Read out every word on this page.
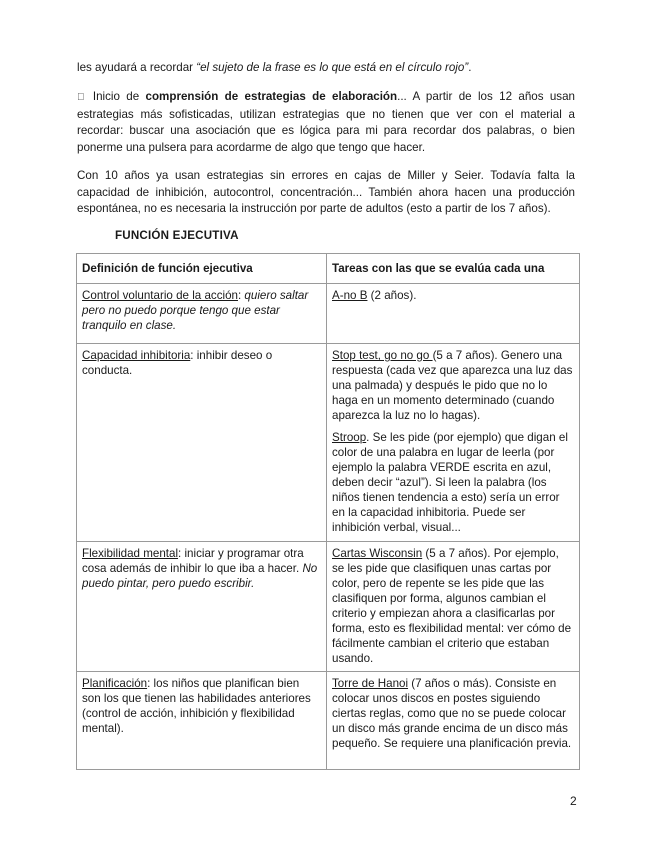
les ayudará a recordar “el sujeto de la frase es lo que está en el círculo rojo”.

Inicio de comprensión de estrategias de elaboración... A partir de los 12 años usan estrategias más sofisticadas, utilizan estrategias que no tienen que ver con el material a recordar: buscar una asociación que es lógica para mi para recordar dos palabras, o bien ponerme una pulsera para acordarme de algo que tengo que hacer.

Con 10 años ya usan estrategias sin errores en cajas de Miller y Seier. Todavía falta la capacidad de inhibición, autocontrol, concentración... También ahora hacen una producción espontánea, no es necesaria la instrucción por parte de adultos (esto a partir de los 7 años).

FUNCIÓN EJECUTIVA

Definición de función ejecutiva	Tareas con las que se evalúa cada una
Control voluntario de la acción: quiero saltar pero no puedo porque tengo que estar tranquilo en clase.	A-no B (2 años).
Capacidad inhibitoria: inhibir deseo o conducta.	Stop test, go no go (5 a 7 años). Genero una respuesta (cada vez que aparezca una luz das una palmada) y después le pido que no lo haga en un momento determinado (cuando aparezca la luz no lo hagas).

Stroop. Se les pide (por ejemplo) que digan el color de una palabra en lugar de leerla (por ejemplo la palabra VERDE escrita en azul, deben decir “azul”). Si leen la palabra (los niños tienen tendencia a esto) sería un error en la capacidad inhibitoria. Puede ser inhibición verbal, visual...

Flexibilidad mental: iniciar y programar otra cosa además de inhibir lo que iba a hacer. No puedo pintar, pero puedo escribir.	Cartas Wisconsin (5 a 7 años). Por ejemplo, se les pide que clasifiquen unas cartas por color, pero de repente se les pide que las clasifiquen por forma, algunos cambian el criterio y empiezan ahora a clasificarlas por forma, esto es flexibilidad mental: ver cómo de fácilmente cambian el criterio que estaban usando.
Planificación: los niños que planifican bien son los que tienen las habilidades anteriores (control de acción, inhibición y flexibilidad mental).	Torre de Hanoi (7 años o más). Consiste en colocar unos discos en postes siguiendo ciertas reglas, como que no se puede colocar un disco más grande encima de un disco más pequeño. Se requiere una planificación previa.
2
